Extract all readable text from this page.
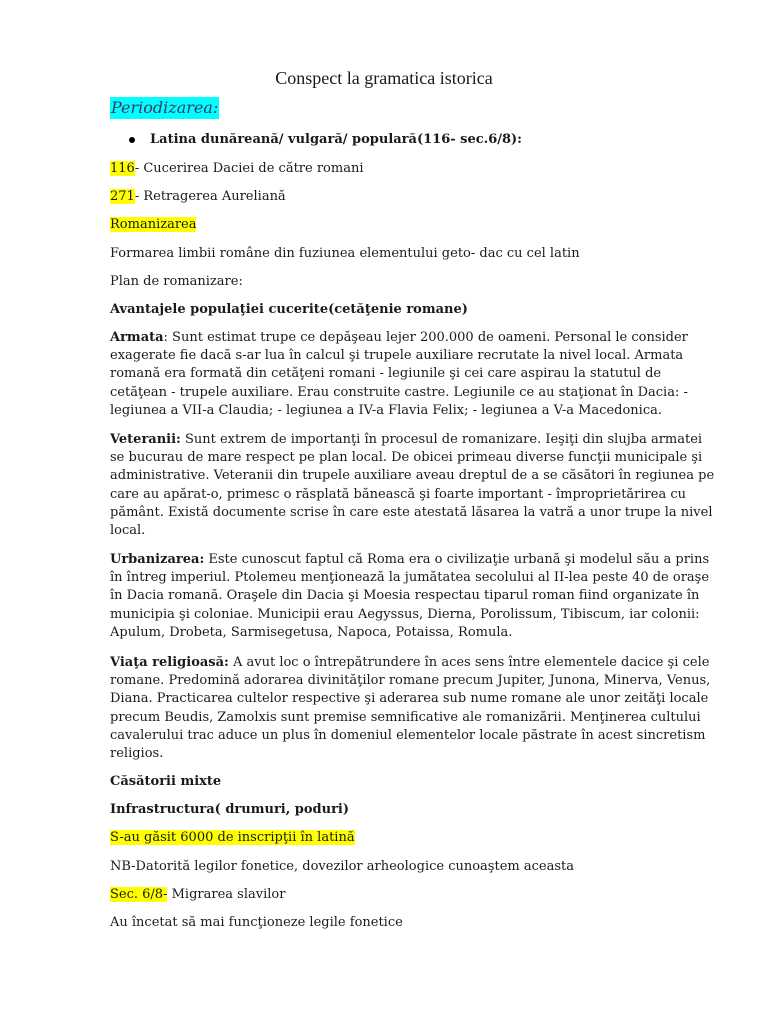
Conspect la gramatica istorica
Periodizarea:

Latina dunăreană/ vulgară/ populară(116- sec.6/8):

116- Cucerirea Daciei de către romani

271- Retragerea Aureliană

Romanizarea

Formarea limbii române din fuziunea elementului geto- dac cu cel latin

Plan de romanizare:

Avantajele populaţiei cucerite(cetăţenie romane)

Armata: Sunt estimat trupe ce depăşeau lejer 200.000 de oameni. Personal le consider exagerate fie dacă s-ar lua în calcul şi trupele auxiliare recrutate la nivel local. Armata romană era formată din cetăţeni romani - legiunile şi cei care aspirau la statutul de cetăţean - trupele auxiliare. Erau construite castre. Legiunile ce au staţionat în Dacia: - legiunea a VII-a Claudia; - legiunea a IV-a Flavia Felix; - legiunea a V-a Macedonica.

Veteranii: Sunt extrem de importanţi în procesul de romanizare. Ieşiţi din slujba armatei se bucurau de mare respect pe plan local. De obicei primeau diverse funcţii municipale şi administrative. Veteranii din trupele auxiliare aveau dreptul de a se căsători în regiunea pe care au apărat-o, primesc o răsplată bănească şi foarte important - împroprietărirea cu pământ. Există documente scrise în care este atestată lăsarea la vatră a unor trupe la nivel local.

Urbanizarea: Este cunoscut faptul că Roma era o civilizaţie urbană şi modelul său a prins în întreg imperiul. Ptolemeu menţionează la jumătatea secolului al II-lea peste 40 de oraşe în Dacia romană. Oraşele din Dacia şi Moesia respectau tiparul roman fiind organizate în municipia şi coloniae. Municipii erau Aegyssus, Dierna, Porolissum, Tibiscum, iar colonii: Apulum, Drobeta, Sarmisegetusa, Napoca, Potaissa, Romula.

Viaţa religioasă: A avut loc o întrepătrundere în aces sens între elementele dacice şi cele romane. Predomină adorarea divinităţilor romane precum Jupiter, Junona, Minerva, Venus, Diana. Practicarea cultelor respective şi aderarea sub nume romane ale unor zeităţi locale precum Beudis, Zamolxis sunt premise semnificative ale romanizării. Menţinerea cultului cavalerului trac aduce un plus în domeniul elementelor locale păstrate în acest sincretism religios.

Căsătorii mixte

Infrastructura( drumuri, poduri)

S-au găsit 6000 de inscripţii în latină

NB-Datorită legilor fonetice, dovezilor arheologice cunoaştem aceasta

Sec. 6/8- Migrarea slavilor

Au încetat să mai funcţioneze legile fonetice
